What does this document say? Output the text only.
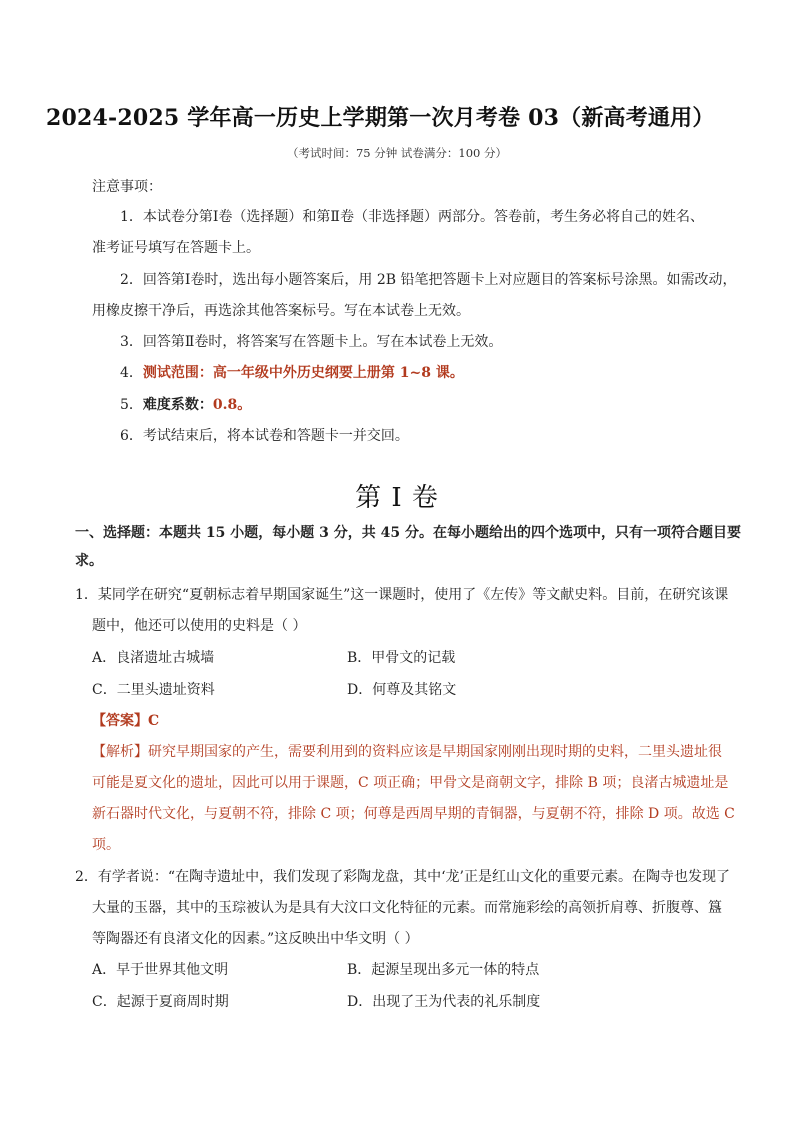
2024-2025 学年高一历史上学期第一次月考卷 03（新高考通用）
（考试时间：75 分钟 试卷满分：100 分）
注意事项：
1．本试卷分第Ⅰ卷（选择题）和第Ⅱ卷（非选择题）两部分。答卷前，考生务必将自己的姓名、
准考证号填写在答题卡上。
2．回答第Ⅰ卷时，选出每小题答案后，用 2B 铅笔把答题卡上对应题目的答案标号涂黑。如需改动，
用橡皮擦干净后，再选涂其他答案标号。写在本试卷上无效。
3．回答第Ⅱ卷时，将答案写在答题卡上。写在本试卷上无效。
4．测试范围：高一年级中外历史纲要上册第 1~8 课。
5．难度系数：0.8。
6．考试结束后，将本试卷和答题卡一并交回。
第 I 卷
一、选择题：本题共 15 小题，每小题 3 分，共 45 分。在每小题给出的四个选项中，只有一项符合题目要
求。
1．某同学在研究“夏朝标志着早期国家诞生”这一课题时，使用了《左传》等文献史料。目前，在研究该课
题中，他还可以使用的史料是（ ）
A．良渚遗址古城墙	B．甲骨文的记载
C．二里头遗址资料	D．何尊及其铭文
【答案】C
【解析】研究早期国家的产生，需要利用到的资料应该是早期国家刚刚出现时期的史料，二里头遗址很
可能是夏文化的遗址，因此可以用于课题，C 项正确；甲骨文是商朝文字，排除 B 项；良渚古城遗址是
新石器时代文化，与夏朝不符，排除 C 项；何尊是西周早期的青铜器，与夏朝不符，排除 D 项。故选 C
项。
2．有学者说：“在陶寺遗址中，我们发现了彩陶龙盘，其中‘龙’正是红山文化的重要元素。在陶寺也发现了
大量的玉器，其中的玉琮被认为是具有大汶口文化特征的元素。而常施彩绘的高领折肩尊、折腹尊、簋
等陶器还有良渚文化的因素。”这反映出中华文明（ ）
A．早于世界其他文明	B．起源呈现出多元一体的特点
C．起源于夏商周时期	D．出现了王为代表的礼乐制度
